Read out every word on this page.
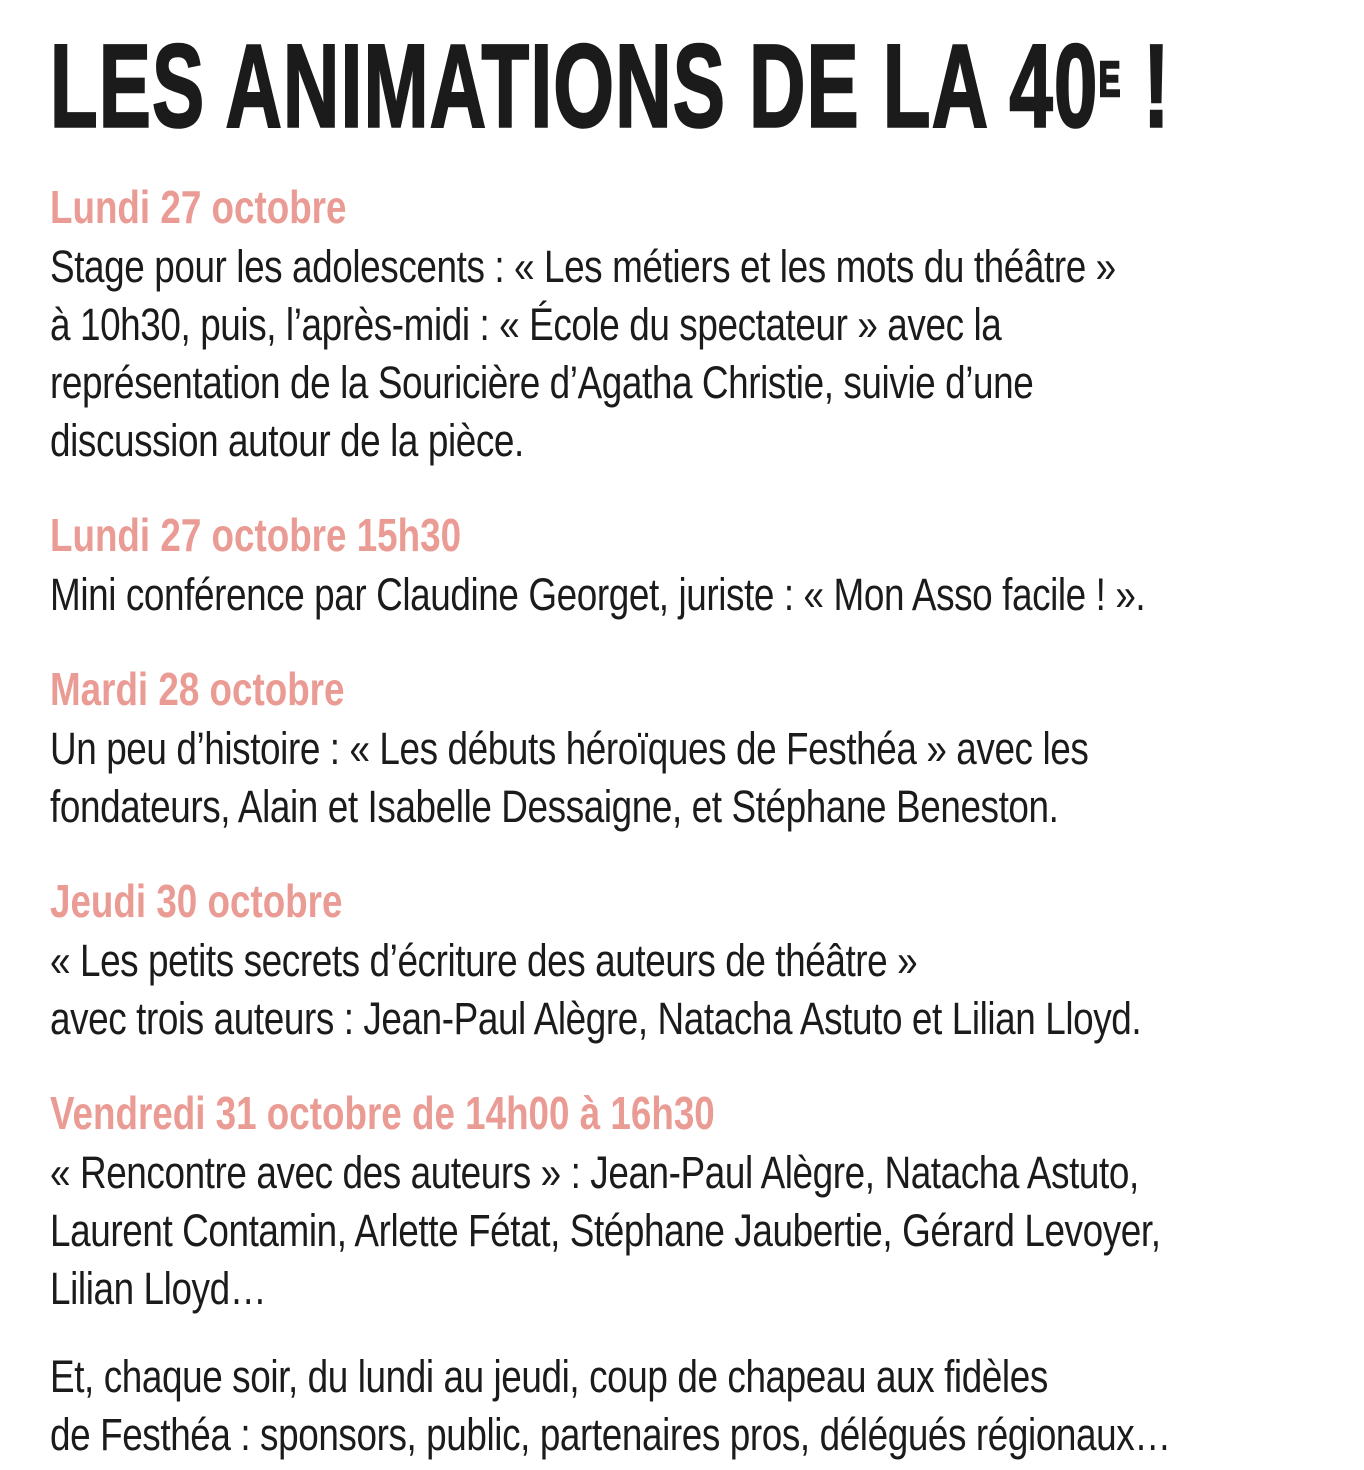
LES ANIMATIONS DE LA $40^E$ !
Lundi 27 octobre
Stage pour les adolescents : « Les métiers et les mots du théâtre »
à 10h30, puis, l’après-midi : « École du spectateur » avec la
représentation de la Souricière d’Agatha Christie, suivie d’une
discussion autour de la pièce.
Lundi 27 octobre 15h30
Mini conférence par Claudine Georget, juriste : « Mon Asso facile ! ».
Mardi 28 octobre
Un peu d’histoire : « Les débuts héroïques de Festhéa » avec les
fondateurs, Alain et Isabelle Dessaigne, et Stéphane Beneston.
Jeudi 30 octobre
« Les petits secrets d’écriture des auteurs de théâtre »
avec trois auteurs : Jean-Paul Alègre, Natacha Astuto et Lilian Lloyd.
Vendredi 31 octobre de 14h00 à 16h30
« Rencontre avec des auteurs » : Jean-Paul Alègre, Natacha Astuto,
Laurent Contamin, Arlette Fétat, Stéphane Jaubertie, Gérard Levoyer,
Lilian Lloyd…
Et, chaque soir, du lundi au jeudi, coup de chapeau aux fidèles
de Festhéa : sponsors, public, partenaires pros, délégués régionaux…
